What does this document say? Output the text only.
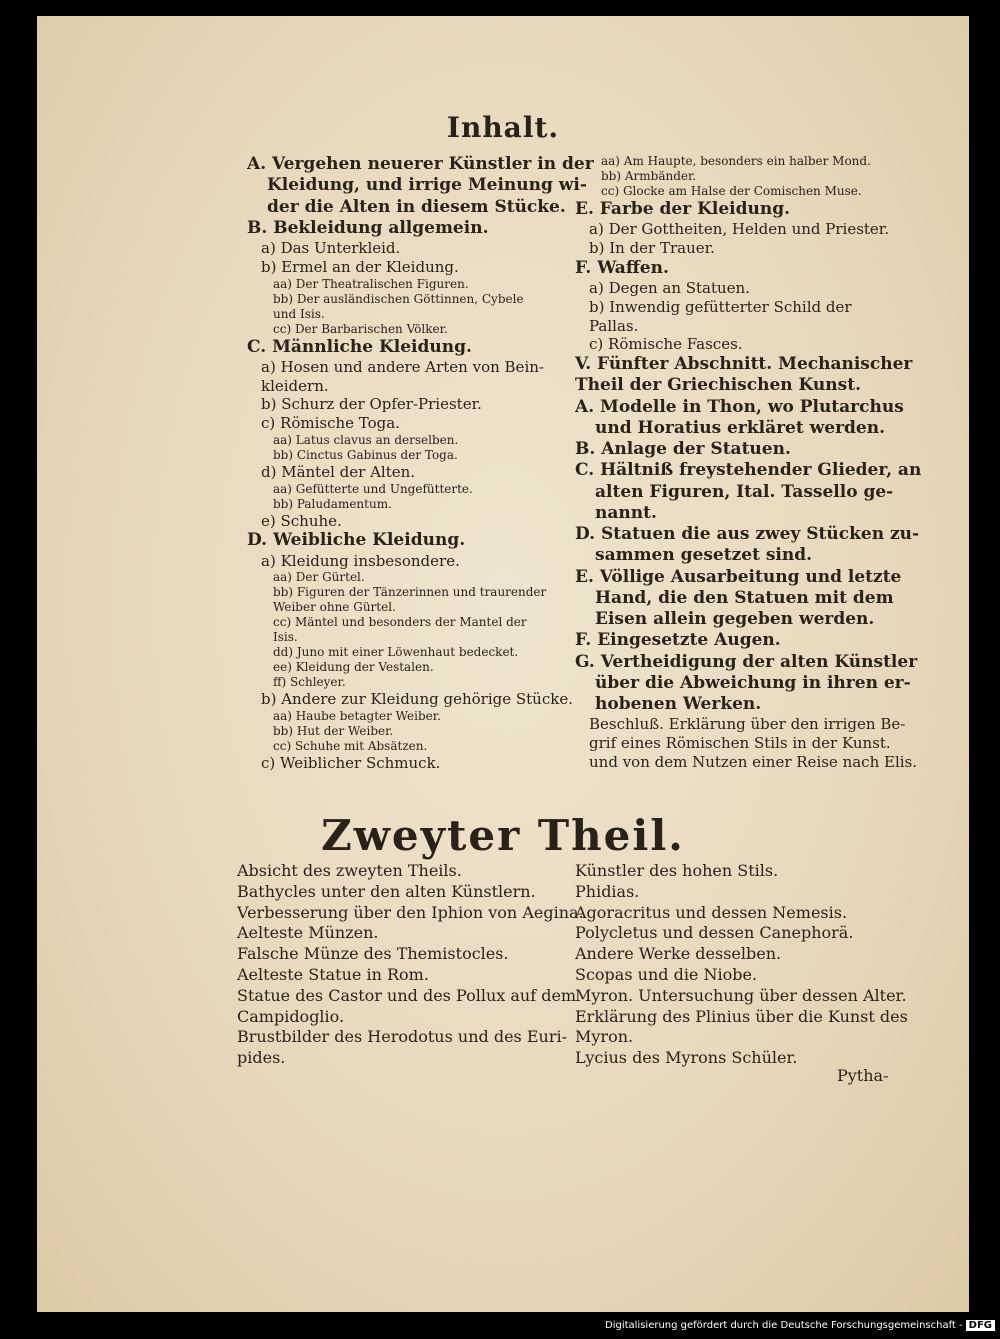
Inhalt.
A. Vergehen neuerer Künstler in der
Kleidung, und irrige Meinung wi-
der die Alten in diesem Stücke.
B. Bekleidung allgemein.
a) Das Unterkleid.
b) Ermel an der Kleidung.
aa) Der Theatralischen Figuren.
bb) Der ausländischen Göttinnen, Cybele
und Isis.
cc) Der Barbarischen Völker.
C. Männliche Kleidung.
a) Hosen und andere Arten von Bein-
kleidern.
b) Schurz der Opfer-Priester.
c) Römische Toga.
aa) Latus clavus an derselben.
bb) Cinctus Gabinus der Toga.
d) Mäntel der Alten.
aa) Gefütterte und Ungefütterte.
bb) Paludamentum.
e) Schuhe.
D. Weibliche Kleidung.
a) Kleidung insbesondere.
aa) Der Gürtel.
bb) Figuren der Tänzerinnen und traurender
Weiber ohne Gürtel.
cc) Mäntel und besonders der Mantel der
Isis.
dd) Juno mit einer Löwenhaut bedecket.
ee) Kleidung der Vestalen.
ff) Schleyer.
b) Andere zur Kleidung gehörige Stücke.
aa) Haube betagter Weiber.
bb) Hut der Weiber.
cc) Schuhe mit Absätzen.
c) Weiblicher Schmuck.
aa) Am Haupte, besonders ein halber Mond.
bb) Armbänder.
cc) Glocke am Halse der Comischen Muse.
E. Farbe der Kleidung.
a) Der Gottheiten, Helden und Priester.
b) In der Trauer.
F. Waffen.
a) Degen an Statuen.
b) Inwendig gefütterter Schild der
Pallas.
c) Römische Fasces.
V. Fünfter Abschnitt. Mechanischer
Theil der Griechischen Kunst.
A. Modelle in Thon, wo Plutarchus
und Horatius erkläret werden.
B. Anlage der Statuen.
C. Hältniß freystehender Glieder, an
alten Figuren, Ital. Tassello ge-
nannt.
D. Statuen die aus zwey Stücken zu-
sammen gesetzet sind.
E. Völlige Ausarbeitung und letzte
Hand, die den Statuen mit dem
Eisen allein gegeben werden.
F. Eingesetzte Augen.
G. Vertheidigung der alten Künstler
über die Abweichung in ihren er-
hobenen Werken.
Beschluß. Erklärung über den irrigen Be-
grif eines Römischen Stils in der Kunst.
und von dem Nutzen einer Reise nach Elis.
Zweyter Theil.
Absicht des zweyten Theils.
Bathycles unter den alten Künstlern.
Verbesserung über den Iphion von Aegina.
Aelteste Münzen.
Falsche Münze des Themistocles.
Aelteste Statue in Rom.
Statue des Castor und des Pollux auf dem
Campidoglio.
Brustbilder des Herodotus und des Euri-
pides.
Künstler des hohen Stils.
Phidias.
Agoracritus und dessen Nemesis.
Polycletus und dessen Canephorä.
Andere Werke desselben.
Scopas und die Niobe.
Myron. Untersuchung über dessen Alter.
Erklärung des Plinius über die Kunst des
Myron.
Lycius des Myrons Schüler.
Pytha-
Digitalisierung gefördert durch die Deutsche Forschungsgemeinschaft - DFG
